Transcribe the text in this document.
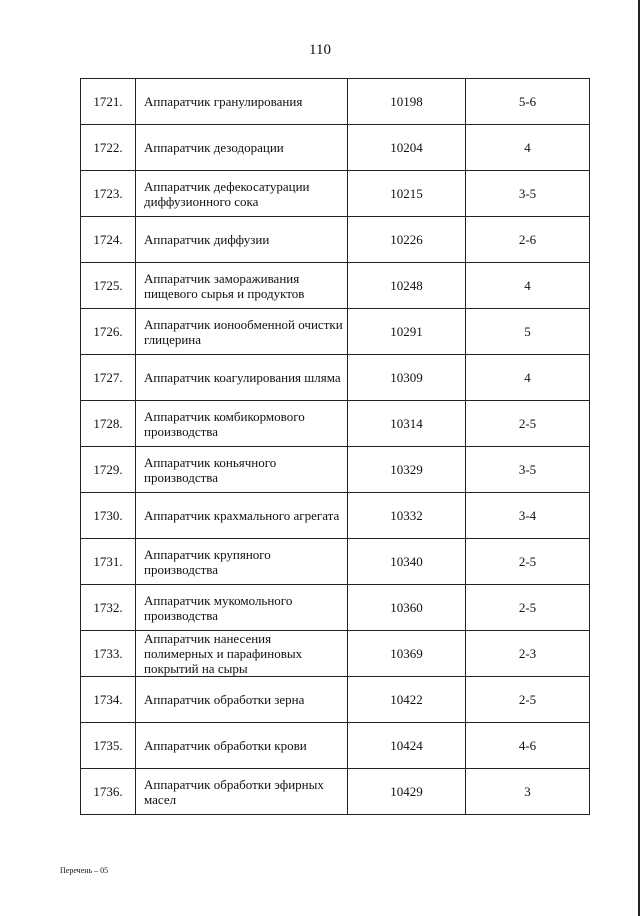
110
1721.	Аппаратчик гранулирования	10198	5-6
1722.	Аппаратчик дезодорации	10204	4
1723.	Аппаратчик дефекосатурации диффузионного сока	10215	3-5
1724.	Аппаратчик диффузии	10226	2-6
1725.	Аппаратчик замораживания пищевого сырья и продуктов	10248	4
1726.	Аппаратчик ионообменной очистки глицерина	10291	5
1727.	Аппаратчик коагулирования шляма	10309	4
1728.	Аппаратчик комбикормового производства	10314	2-5
1729.	Аппаратчик коньячного производства	10329	3-5
1730.	Аппаратчик крахмального агрегата	10332	3-4
1731.	Аппаратчик крупяного производства	10340	2-5
1732.	Аппаратчик мукомольного производства	10360	2-5
1733.	Аппаратчик нанесения полимерных и парафиновых покрытий на сыры	10369	2-3
1734.	Аппаратчик обработки зерна	10422	2-5
1735.	Аппаратчик обработки крови	10424	4-6
1736.	Аппаратчик обработки эфирных масел	10429	3
Перечень – 05
